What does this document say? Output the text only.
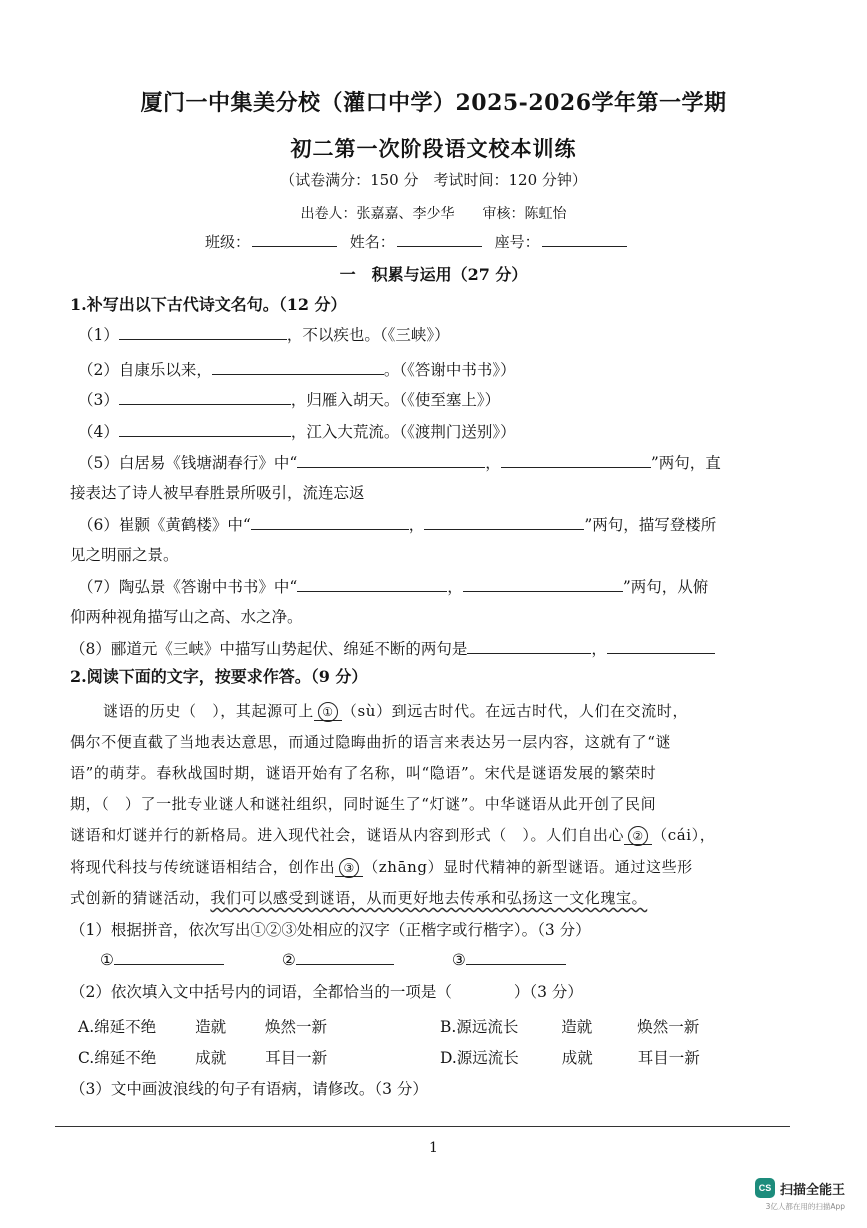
厦门一中集美分校（灌口中学）2025-2026学年第一学期
初二第一次阶段语文校本训练
（试卷满分：150 分　考试时间：120 分钟）
出卷人：张嘉嘉、李少华　　审核：陈虹怡
班级：	姓名：	座号：
一　积累与运用（27 分）
1.补写出以下古代诗文名句。（12 分）
（1）	，不以疾也。（《三峡》）
（2）自康乐以来，	。（《答谢中书书》）
（3）	，归雁入胡天。（《使至塞上》）
（4）	，江入大荒流。（《渡荆门送别》）
（5）白居易《钱塘湖春行》中“	，	”两句，直
接表达了诗人被早春胜景所吸引，流连忘返
（6）崔颢《黄鹤楼》中“	，	”两句，描写登楼所
见之明丽之景。
（7）陶弘景《答谢中书书》中“	，	”两句，从俯
仰两种视角描写山之高、水之净。
（8）郦道元《三峡》中描写山势起伏、绵延不断的两句是	，
2.阅读下面的文字，按要求作答。（9 分）
谜语的历史（　），其起源可上 ① （sù）到远古时代。在远古时代，人们在交流时，
偶尔不便直截了当地表达意思，而通过隐晦曲折的语言来表达另一层内容，这就有了“谜
语”的萌芽。春秋战国时期，谜语开始有了名称，叫“隐语”。宋代是谜语发展的繁荣时
期，（　）了一批专业谜人和谜社组织，同时诞生了“灯谜”。中华谜语从此开创了民间
谜语和灯谜并行的新格局。进入现代社会，谜语从内容到形式（　）。人们自出心 ② （cái），
将现代科技与传统谜语相结合，创作出 ③ （zhāng）显时代精神的新型谜语。通过这些形
式创新的猜谜活动，我们可以感受到谜语，从而更好地去传承和弘扬这一文化瑰宝。
（1）根据拼音，依次写出①②③处相应的汉字（正楷字或行楷字）。（3 分）
①	②	③
（2）依次填入文中括号内的词语，全都恰当的一项是（　　　　）（3 分）
A.绵延不绝	造就	焕然一新	B.源远流长	造就	焕然一新
C.绵延不绝	成就	耳目一新	D.源远流长	成就	耳目一新
（3）文中画波浪线的句子有语病，请修改。（3 分）
1
CS 扫描全能王
3亿人都在用的扫描App
